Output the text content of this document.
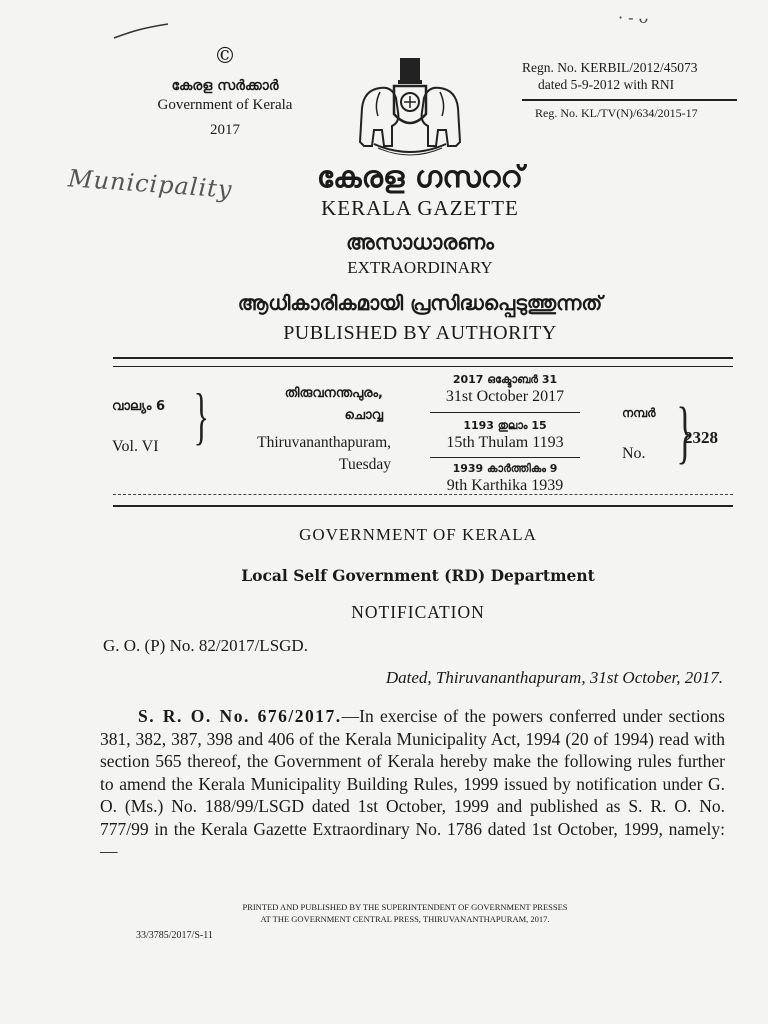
· - ᴗ
Municipality
©
കേരള സർക്കാർ
Government of Kerala
2017
Regn. No. KERBIL/2012/45073
dated 5-9-2012 with RNI
Reg. No. KL/TV(N)/634/2015-17
കേരള ഗസററ്
KERALA GAZETTE
അസാധാരണം
EXTRAORDINARY
ആധികാരികമായി പ്രസിദ്ധപ്പെടുത്തുന്നത്
PUBLISHED BY AUTHORITY
വാല്യം 6
Vol. VI }	തിരുവനന്തപുരം,
ചൊവ്വ
Thiruvananthapuram,
Tuesday
2017 ഒക്ടോബർ 31
31st October 2017
1193 തുലാം 15
15th Thulam 1193
1939 കാർത്തികം 9
9th Karthika 1939
നമ്പർ
No. }
2328
GOVERNMENT OF KERALA
Local Self Government (RD) Department
NOTIFICATION
G. O. (P) No. 82/2017/LSGD.
Dated, Thiruvananthapuram, 31st October, 2017.
S. R. O. No. 676/2017.—In exercise of the powers conferred under sections 381, 382, 387, 398 and 406 of the Kerala Municipality Act, 1994 (20 of 1994) read with section 565 thereof, the Government of Kerala hereby make the following rules further to amend the Kerala Municipality Building Rules, 1999 issued by notification under G. O. (Ms.) No. 188/99/LSGD dated 1st October, 1999 and published as S. R. O. No. 777/99 in the Kerala Gazette Extraordinary No. 1786 dated 1st October, 1999, namely:—
PRINTED AND PUBLISHED BY THE SUPERINTENDENT OF GOVERNMENT PRESSES
AT THE GOVERNMENT CENTRAL PRESS, THIRUVANANTHAPURAM, 2017.
33/3785/2017/S-11
